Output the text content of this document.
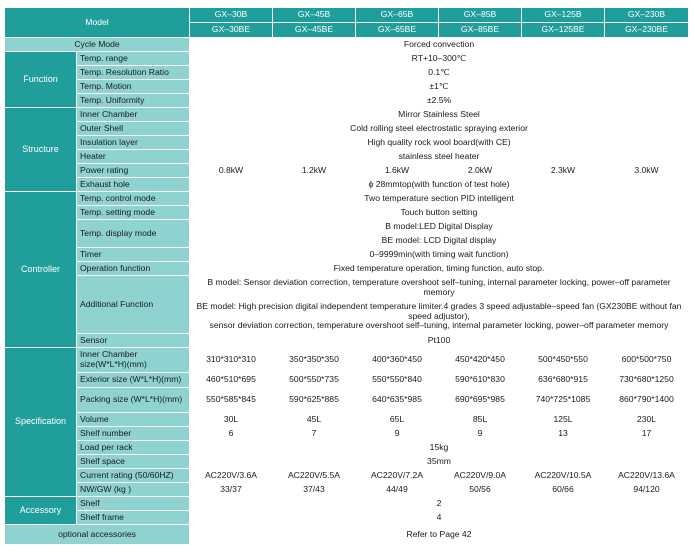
Model		GX–30B	GX–45B	GX–65B	GX–85B	GX–125B	GX–230B
		GX–30BE	GX–45BE	GX–65BE	GX–85BE	GX–125BE	GX–230BE
Cycle Mode		Forced convection					
Function	Temp. range	RT+10–300℃					
	Temp. Resolution Ratio	0.1℃					
	Temp. Motion	±1℃					
	Temp. Uniformity	±2.5%					
Structure	Inner Chamber	Mirror Stainless Steel					
	Outer Shell	Cold rolling steel electrostatic spraying exterior					
	Insulation layer	High quality rock wool board(with CE)					
	Heater	stainless steel heater					
	Power rating	0.8kW	1.2kW	1.6kW	2.0kW	2.3kW	3.0kW
	Exhaust hole	ϕ 28mmtop(with function of test hole)					
Controller	Temp. control mode	Two temperature section PID intelligent					
	Temp. setting mode	Touch button setting					
	Temp. display mode	B model:LED Digital Display					
		BE model: LCD Digital display					
	Timer	0–9999min(with timing wait function)					
	Operation function	Fixed temperature operation, timing function, auto stop.					
	Additional Function	B model: Sensor deviation correction, temperature overshoot self–tuning, internal parameter locking, power–off parameter memory					
		BE model: High precision digital independent temperature limiter.4 grades 3 speed adjustable–speed fan (GX230BE without fan speed adjustor),
sensor deviation correction, temperature overshoot self–tuning, internal parameter locking, power–off parameter memory					
	Sensor	Pt100					
Specification	Inner Chamber size(W*L*H)(mm)	310*310*310	350*350*350	400*360*450	450*420*450	500*450*550	600*500*750
	Exterior size (W*L*H)(mm)	460*510*695	500*550*735	550*550*840	590*610*830	636*680*915	730*680*1250
	Packing size (W*L*H)(mm)	550*585*845	590*625*885	640*635*985	690*695*985	740*725*1085	860*790*1400
	Volume	30L	45L	65L	85L	125L	230L
	Shelf number	6	7	9	9	13	17
	Load per rack	15kg					
	Shelf space	35mm					
	Current rating (50/60HZ)	AC220V/3.6A	AC220V/5.5A	AC220V/7.2A	AC220V/9.0A	AC220V/10.5A	AC220V/13.6A
	NW/GW (kg )	33/37	37/43	44/49	50/56	60/66	94/120
Accessory	Shelf	2					
	Shelf frame	4					
optional accessories		Refer to Page 42					
